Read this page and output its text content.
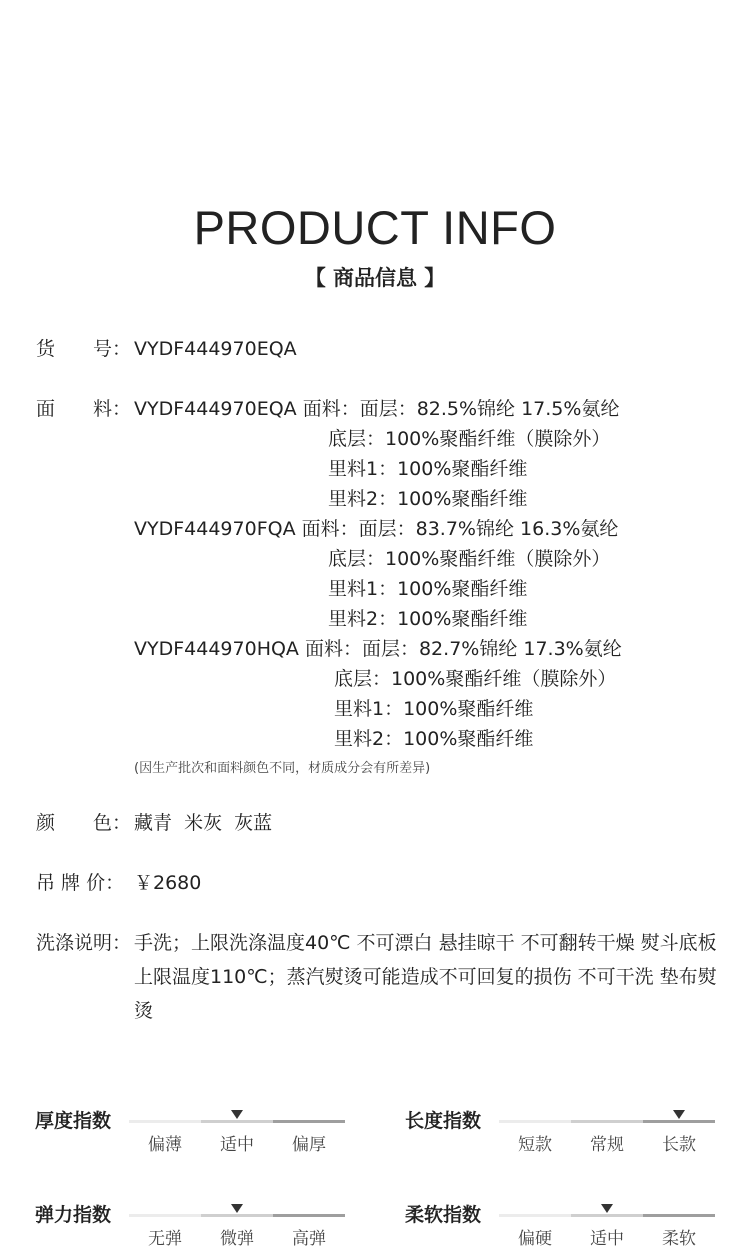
PRODUCT INFO
【 商品信息 】
货 号： VYDF444970EQA
面 料： VYDF444970EQA 面料：面层：82.5%锦纶 17.5%氨纶
底层：100%聚酯纤维（膜除外）
里料1：100%聚酯纤维
里料2：100%聚酯纤维
VYDF444970FQA 面料：面层：83.7%锦纶 16.3%氨纶
底层：100%聚酯纤维（膜除外）
里料1：100%聚酯纤维
里料2：100%聚酯纤维
VYDF444970HQA 面料：面层：82.7%锦纶 17.3%氨纶
底层：100%聚酯纤维（膜除外）
里料1：100%聚酯纤维
里料2：100%聚酯纤维
(因生产批次和面料颜色不同，材质成分会有所差异)
颜 色： 藏青  米灰  灰蓝
吊 牌 价： ￥2680
洗涤说明： 手洗；上限洗涤温度40℃ 不可漂白 悬挂晾干 不可翻转干燥 熨斗底板上限温度110℃；蒸汽熨烫可能造成不可回复的损伤 不可干洗 垫布熨烫
厚度指数
偏薄	适中	偏厚
长度指数
短款	常规	长款
弹力指数
无弹	微弹	高弹
柔软指数
偏硬	适中	柔软
